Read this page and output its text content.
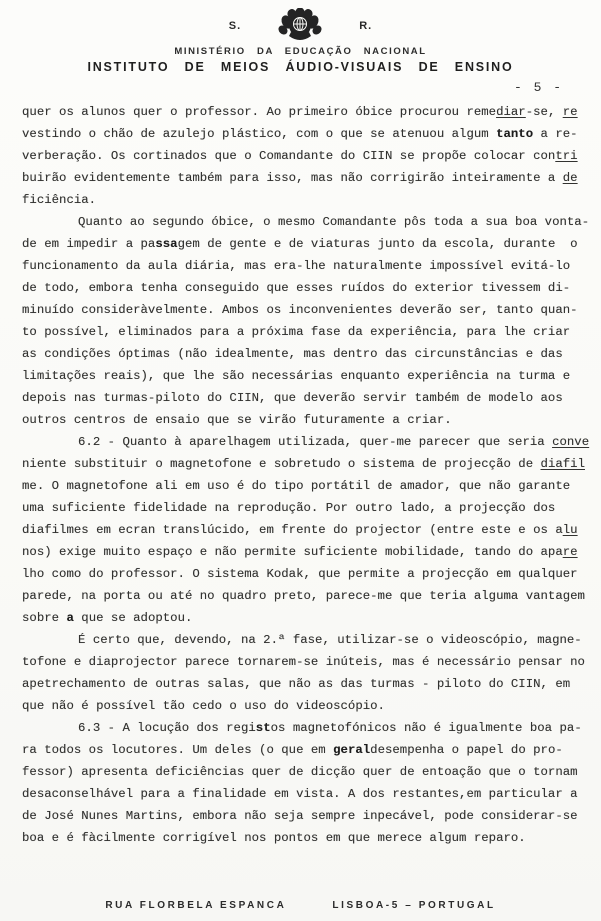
S.	R.
MINISTÉRIO DA EDUCAÇÃO NACIONAL
INSTITUTO DE MEIOS ÁUDIO-VISUAIS DE ENSINO
- 5 -
quer os alunos quer o professor. Ao primeiro óbice procurou remediar-se, re
vestindo o chão de azulejo plástico, com o que se atenuou algum tanto a re-
verberação. Os cortinados que o Comandante do CIIN se propõe colocar contri
buirão evidentemente também para isso, mas não corrigirão inteiramente a de
ficiência.
Quanto ao segundo óbice, o mesmo Comandante pôs toda a sua boa vonta-
de em impedir a passagem de gente e de viaturas junto da escola, durante  o
funcionamento da aula diária, mas era-lhe naturalmente impossível evitá-lo
de todo, embora tenha conseguido que esses ruídos do exterior tivessem di-
minuído consideràvelmente. Ambos os inconvenientes deverão ser, tanto quan-
to possível, eliminados para a próxima fase da experiência, para lhe criar
as condições óptimas (não idealmente, mas dentro das circunstâncias e das
limitações reais), que lhe são necessárias enquanto experiência na turma e
depois nas turmas-piloto do CIIN, que deverão servir também de modelo aos
outros centros de ensaio que se virão futuramente a criar.
6.2 - Quanto à aparelhagem utilizada, quer-me parecer que seria conve
niente substituir o magnetofone e sobretudo o sistema de projecção de diafil
me. O magnetofone ali em uso é do tipo portátil de amador, que não garante
uma suficiente fidelidade na reprodução. Por outro lado, a projecção dos
diafilmes em ecran translúcido, em frente do projector (entre este e os alu
nos) exige muito espaço e não permite suficiente mobilidade, tando do apare
lho como do professor. O sistema Kodak, que permite a projecção em qualquer
parede, na porta ou até no quadro preto, parece-me que teria alguma vantagem
sobre a que se adoptou.
É certo que, devendo, na 2.ª fase, utilizar-se o videoscópio, magne-
tofone e diaprojector parece tornarem-se inúteis, mas é necessário pensar no
apetrechamento de outras salas, que não as das turmas - piloto do CIIN, em
que não é possível tão cedo o uso do videoscópio.
6.3 - A locução dos registos magnetofónicos não é igualmente boa pa-
ra todos os locutores. Um deles (o que em geraldesempenha o papel do pro-
fessor) apresenta deficiências quer de dicção quer de entoação que o tornam
desaconselhável para a finalidade em vista. A dos restantes,em particular a
de José Nunes Martins, embora não seja sempre inpecável, pode considerar-se
boa e é fàcilmente corrigível nos pontos em que merece algum reparo.
RUA FLORBELA ESPANCA	LISBOA-5 – PORTUGAL
